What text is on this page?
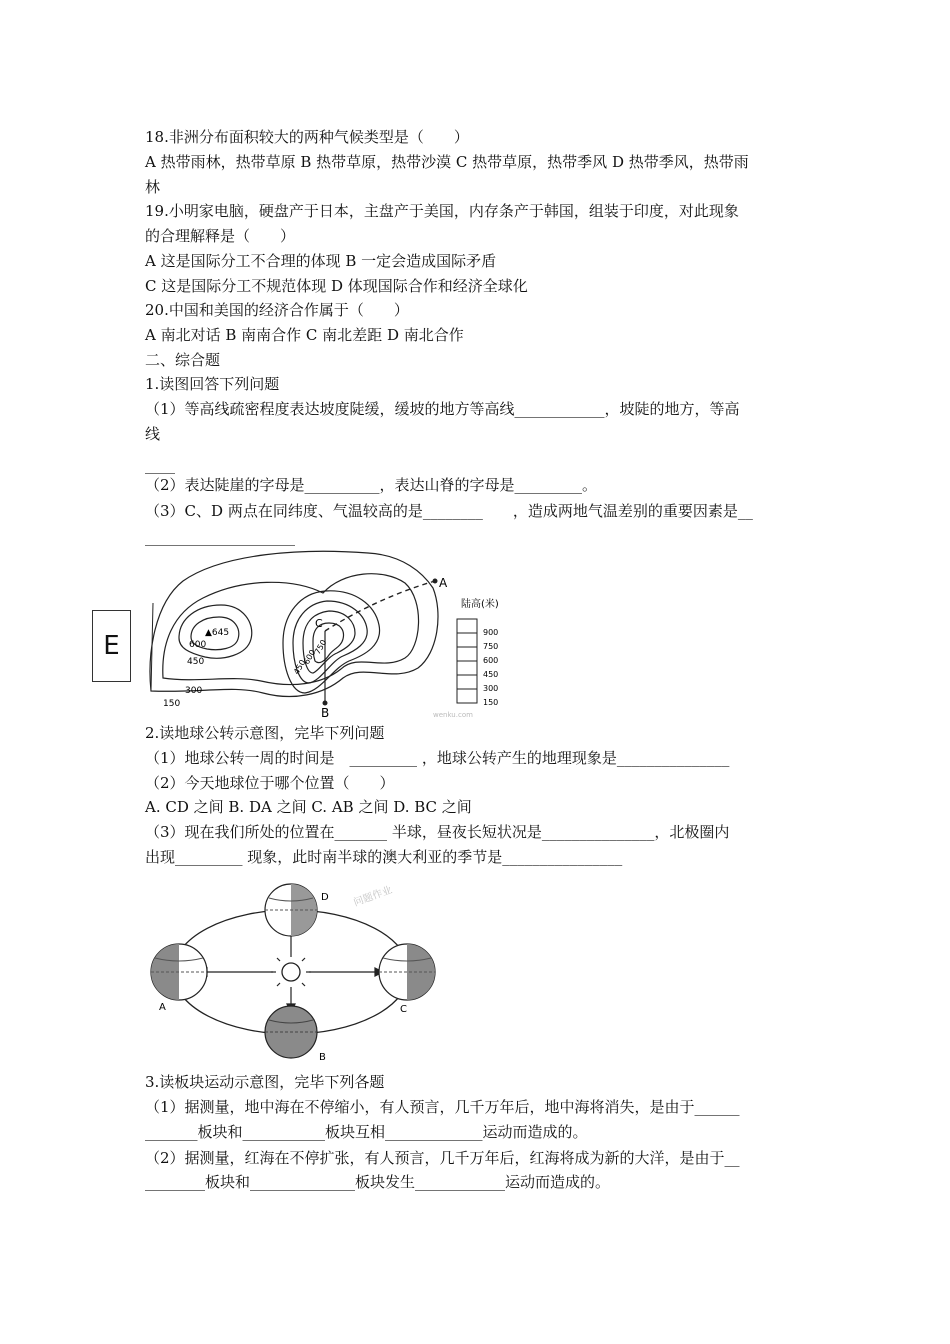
18.非洲分布面积较大的两种气候类型是（　　）
A 热带雨林，热带草原 B 热带草原，热带沙漠 C 热带草原，热带季风 D 热带季风，热带雨
林
19.小明家电脑，硬盘产于日本，主盘产于美国，内存条产于韩国，组装于印度，对此现象
的合理解释是（　　）
A 这是国际分工不合理的体现 B 一定会造成国际矛盾
C 这是国际分工不规范体现 D 体现国际合作和经济全球化
20.中国和美国的经济合作属于（　　）
A 南北对话 B 南南合作 C 南北差距 D 南北合作
二、综合题
1.读图回答下列问题
（1）等高线疏密程度表达坡度陡缓，缓坡的地方等高线____________，坡陡的地方，等高
线
____
（2）表达陡崖的字母是__________，表达山脊的字母是_________。
（3）C、D 两点在同纬度、气温较高的是________　　，造成两地气温差别的重要因素是__
____________________
2.读地球公转示意图，完毕下列问题
（1）地球公转一周的时间是　_________ ，地球公转产生的地理现象是_______________
（2）今天地球位于哪个位置（　　）
A. CD 之间 B. DA 之间 C. AB 之间 D. BC 之间
（3）现在我们所处的位置在_______ 半球，昼夜长短状况是_______________，北极圈内
出现_________ 现象，此时南半球的澳大利亚的季节是________________
3.读板块运动示意图，完毕下列各题
（1）据测量，地中海在不停缩小，有人预言，几千万年后，地中海将消失，是由于______
_______板块和___________板块互相_____________运动而造成的。
（2）据测量，红海在不停扩张，有人预言，几千万年后，红海将成为新的大洋，是由于__
________板块和______________板块发生____________运动而造成的。
E
A
B
C
▲645
600
450
300
150
750
600
450
陆高(米)
900
750
600
450
300
150
wenku.com
D
A	C
B
问题作业
